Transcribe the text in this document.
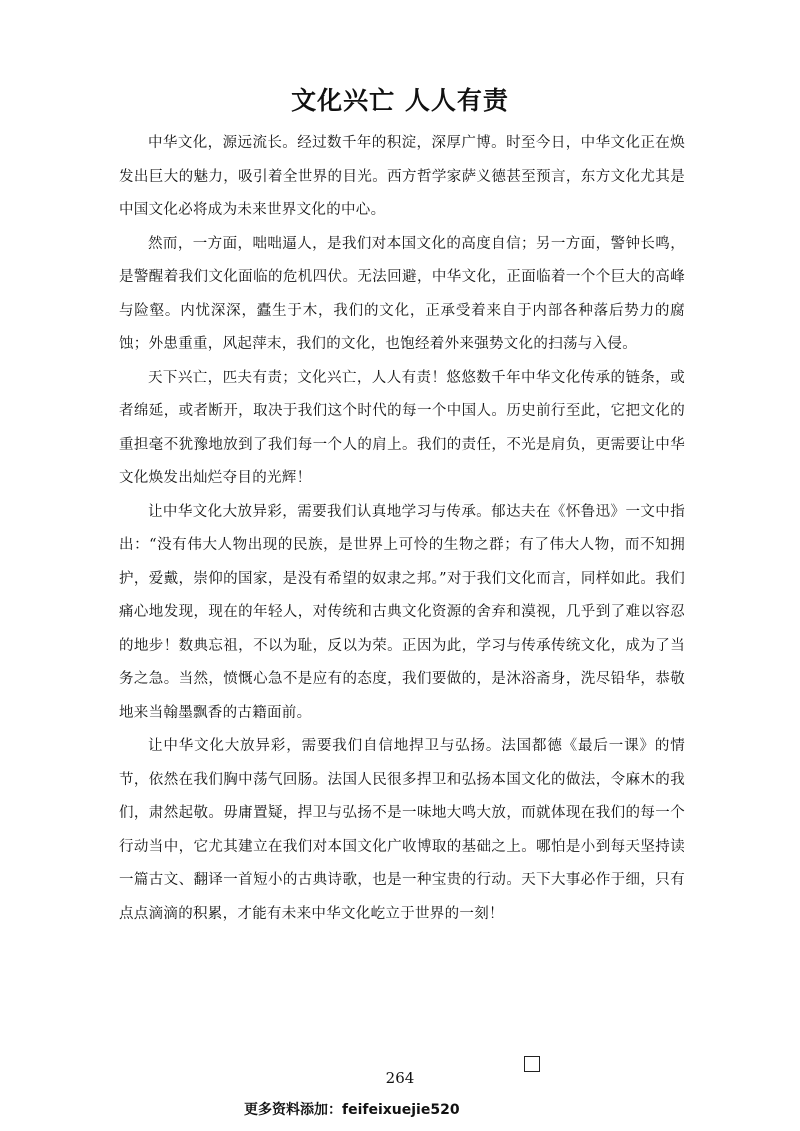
文化兴亡 人人有责

中华文化，源远流长。经过数千年的积淀，深厚广博。时至今日，中华文化正在焕发出巨大的魅力，吸引着全世界的目光。西方哲学家萨义德甚至预言，东方文化尤其是中国文化必将成为未来世界文化的中心。

然而，一方面，咄咄逼人，是我们对本国文化的高度自信；另一方面，警钟长鸣，是警醒着我们文化面临的危机四伏。无法回避，中华文化，正面临着一个个巨大的高峰与险壑。内忧深深，蠹生于木，我们的文化，正承受着来自于内部各种落后势力的腐蚀；外患重重，风起萍末，我们的文化，也饱经着外来强势文化的扫荡与入侵。

天下兴亡，匹夫有责；文化兴亡，人人有责！悠悠数千年中华文化传承的链条，或者绵延，或者断开，取决于我们这个时代的每一个中国人。历史前行至此，它把文化的重担毫不犹豫地放到了我们每一个人的肩上。我们的责任，不光是肩负，更需要让中华文化焕发出灿烂夺目的光辉！

让中华文化大放异彩，需要我们认真地学习与传承。郁达夫在《怀鲁迅》一文中指出：“没有伟大人物出现的民族，是世界上可怜的生物之群；有了伟大人物，而不知拥护，爱戴，崇仰的国家，是没有希望的奴隶之邦。”对于我们文化而言，同样如此。我们痛心地发现，现在的年轻人，对传统和古典文化资源的舍弃和漠视，几乎到了难以容忍的地步！数典忘祖，不以为耻，反以为荣。正因为此，学习与传承传统文化，成为了当务之急。当然，愤慨心急不是应有的态度，我们要做的，是沐浴斋身，洗尽铅华，恭敬地来当翰墨飘香的古籍面前。

让中华文化大放异彩，需要我们自信地捍卫与弘扬。法国都德《最后一课》的情节，依然在我们胸中荡气回肠。法国人民很多捍卫和弘扬本国文化的做法，令麻木的我们，肃然起敬。毋庸置疑，捍卫与弘扬不是一味地大鸣大放，而就体现在我们的每一个行动当中，它尤其建立在我们对本国文化广收博取的基础之上。哪怕是小到每天坚持读一篇古文、翻译一首短小的古典诗歌，也是一种宝贵的行动。天下大事必作于细，只有点点滴滴的积累，才能有未来中华文化屹立于世界的一刻！

264
更多资料添加：feifeixuejie520
